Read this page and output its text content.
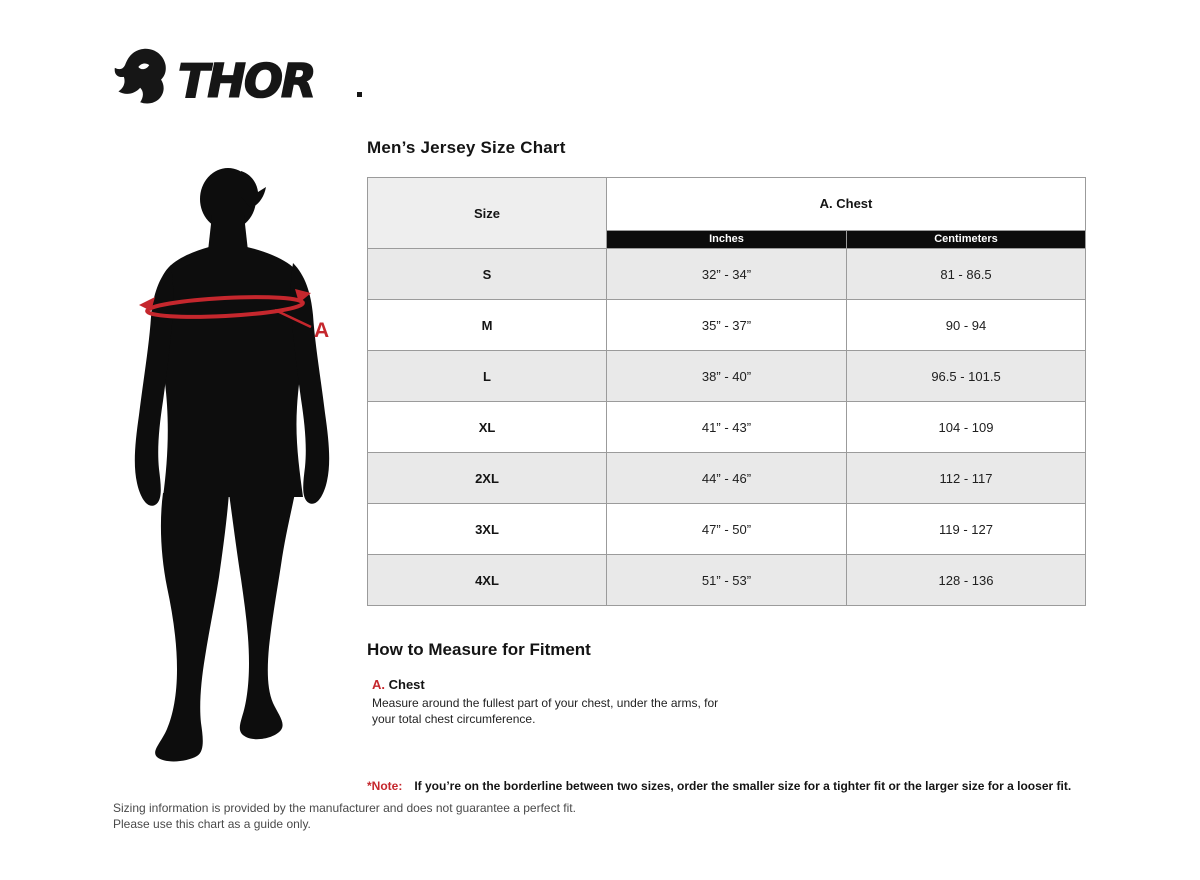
THOR
A
Men’s Jersey Size Chart
Size	A. Chest	
	Inches	Centimeters
S	32” - 34”	81 - 86.5
M	35” - 37”	90 - 94
L	38” - 40”	96.5 - 101.5
XL	41” - 43”	104 - 109
2XL	44” - 46”	112 - 117
3XL	47” - 50”	119 - 127
4XL	51” - 53”	128 - 136
How to Measure for Fitment
A. Chest

Measure around the fullest part of your chest, under the arms, for your total chest circumference.

*Note: If you’re on the borderline between two sizes, order the smaller size for a tighter fit or the larger size for a looser fit.
Sizing information is provided by the manufacturer and does not guarantee a perfect fit.
Please use this chart as a guide only.
